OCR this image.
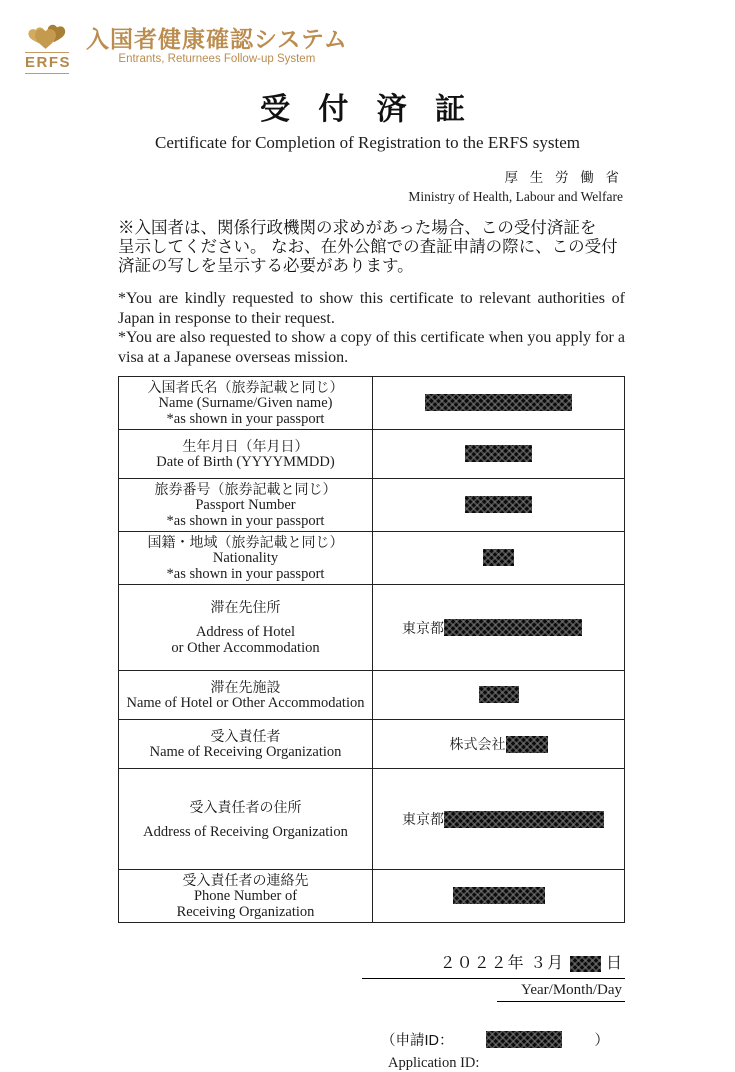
ERFS
入国者健康確認システム
Entrants, Returnees Follow-up System
受 付 済 証
Certificate for Completion of Registration to the ERFS system
厚 生 労 働 省
Ministry of Health, Labour and Welfare
※入国者は、関係行政機関の求めがあった場合、この受付済証を
呈示してください。 なお、在外公館での査証申請の際に、この受付
済証の写しを呈示する必要があります。

*You are kindly requested to show this certificate to relevant authorities of Japan in response to their request.

*You are also requested to show a copy of this certificate when you apply for a visa at a Japanese overseas mission.

入国者氏名（旅券記載と同じ）
Name (Surname/Given name)
*as shown in your passport	

生年月日（年月日）
Date of Birth (YYYYMMDD)	

旅券番号（旅券記載と同じ）
Passport Number
*as shown in your passport	

国籍・地域（旅券記載と同じ）
Nationality
*as shown in your passport	

滞在先住所
Address of Hotel
or Other Accommodation	東京都

滞在先施設
Name of Hotel or Other Accommodation	

受入責任者
Name of Receiving Organization	株式会社

受入責任者の住所
Address of Receiving Organization	東京都

受入責任者の連絡先
Phone Number of
Receiving Organization	

２０２２年 ３月	日
Year/Month/Day
（申請ID：	）
Application ID:
